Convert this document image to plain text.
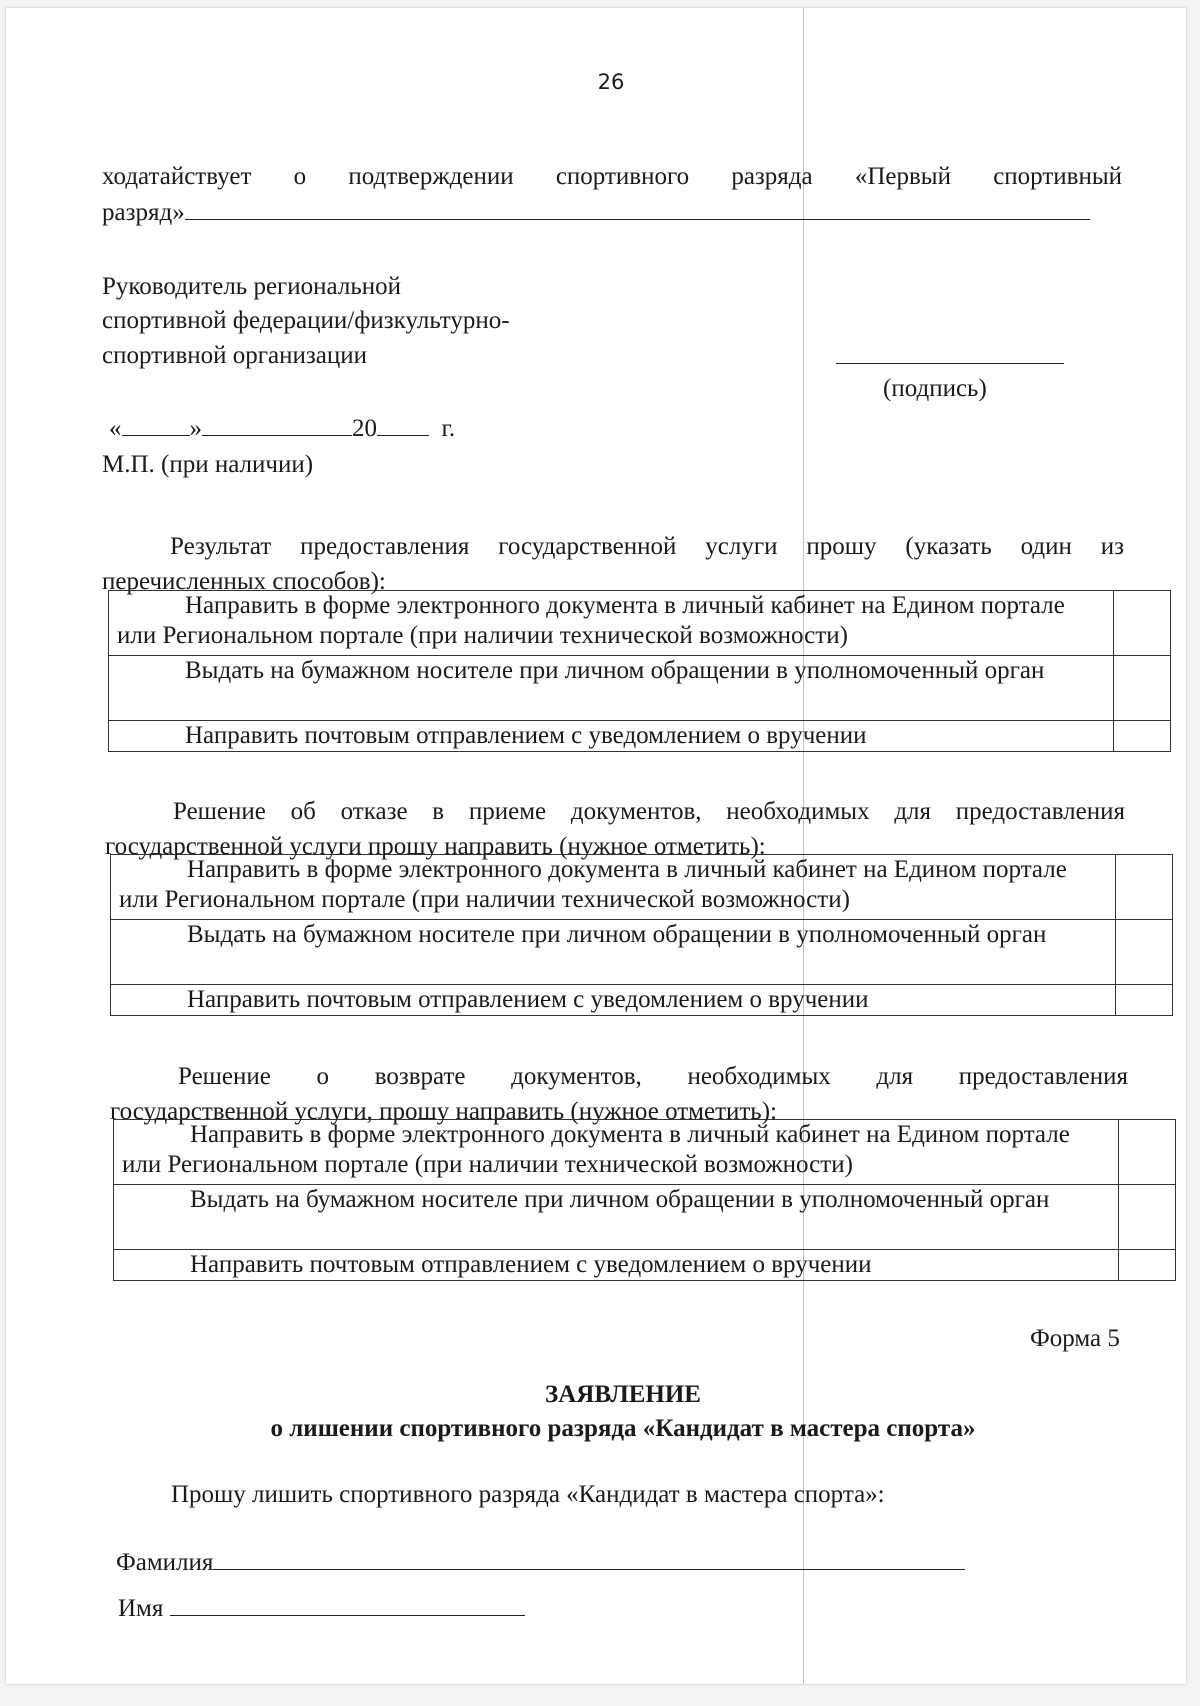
26
ходатайствует о подтверждении спортивного разряда «Первый спортивный
разряд»
Руководитель региональной
спортивной федерации/физкультурно-
спортивной организации
(подпись)
«	»	20	г.
М.П. (при наличии)
Результат предоставления государственной услуги прошу (указать один из
перечисленных способов):
Направить в форме электронного документа в личный кабинет на Едином портале или Региональном портале (при наличии технической возможности)	
Выдать на бумажном носителе при личном обращении в уполномоченный орган	
Направить почтовым отправлением с уведомлением о вручении	
Решение об отказе в приеме документов, необходимых для предоставления
государственной услуги прошу направить (нужное отметить):
Направить в форме электронного документа в личный кабинет на Едином портале или Региональном портале (при наличии технической возможности)	
Выдать на бумажном носителе при личном обращении в уполномоченный орган	
Направить почтовым отправлением с уведомлением о вручении	
Решение о возврате документов, необходимых для предоставления
государственной услуги, прошу направить (нужное отметить):
Направить в форме электронного документа в личный кабинет на Едином портале или Региональном портале (при наличии технической возможности)	
Выдать на бумажном носителе при личном обращении в уполномоченный орган	
Направить почтовым отправлением с уведомлением о вручении	
Форма 5
ЗАЯВЛЕНИЕ
о лишении спортивного разряда «Кандидат в мастера спорта»
Прошу лишить спортивного разряда «Кандидат в мастера спорта»:
Фамилия
Имя
